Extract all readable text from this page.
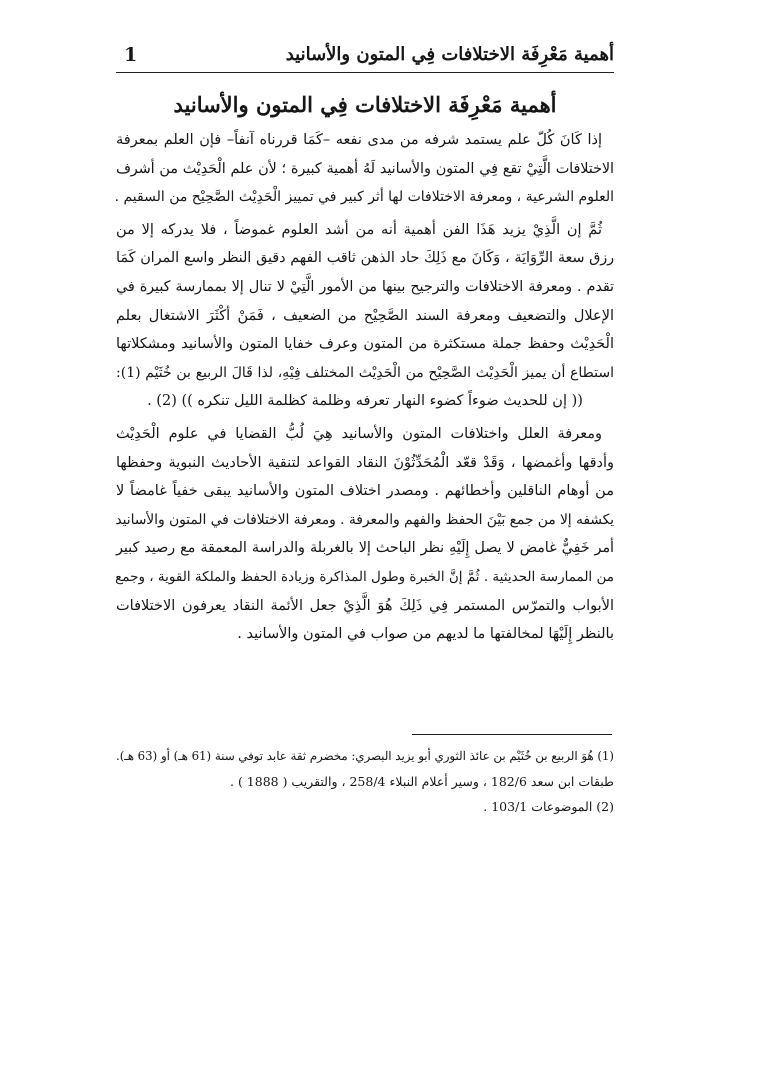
أهمية مَعْرِفَة الاختلافات فِي المتون والأسانيد
1
أهمية مَعْرِفَة الاختلافات فِي المتون والأسانيد
إذا كَانَ كُلّ علم يستمد شرفه من مدى نفعه –كَمَا قررناه آنفاً– فإن العلم بمعرفة
الاختلافات الَّتِيْ تقع فِي المتون والأسانيد لَهُ أهمية كبيرة ؛ لأن علم الْحَدِيْث من أشرف
العلوم الشرعية ، ومعرفة الاختلافات لها أثر كبير في تمييز الْحَدِيْث الصَّحِيْح من السقيم .
ثُمَّ إن الَّذِيْ يزيد هَذَا الفن أهمية أنه من أشد العلوم غموضاً ، فلا يدركه إلا من
رزق سعة الرِّوَايَة ، وَكَانَ مع ذَلِكَ حاد الذهن ثاقب الفهم دقيق النظر واسع المران كَمَا
تقدم . ومعرفة الاختلافات والترجيح بينها من الأمور الَّتِيْ لا تنال إلا بممارسة كبيرة في
الإعلال والتضعيف ومعرفة السند الصَّحِيْح من الضعيف ، فَمَنْ أكْثَرَ الاشتغال بعلم
الْحَدِيْث وحفظ جملة مستكثرة من المتون وعرف خفايا المتون والأسانيد ومشكلاتها
استطاع أن يميز الْحَدِيْث الصَّحِيْح من الْحَدِيْث المختلف فِيْهِ، لذا قَالَ الربيع بن خُثَيْم (1):
(( إن للحديث ضوءاً كضوء النهار تعرفه وظلمة كظلمة الليل تنكره )) (2) .
ومعرفة العلل واختلافات المتون والأسانيد هِيَ لُبُّ القضايا في علوم الْحَدِيْث
وأدقها وأغمضها ، وَقَدْ قعّد الْمُحَدِّثُوْنَ النقاد القواعد لتنقية الأحاديث النبوية وحفظها
من أوهام الناقلين وأخطائهم . ومصدر اختلاف المتون والأسانيد يبقى خفياً غامضاً لا
يكشفه إلا من جمع بَيْنَ الحفظ والفهم والمعرفة . ومعرفة الاختلافات في المتون والأسانيد
أمر خَفِيٌّ غامض لا يصل إِلَيْهِ نظر الباحث إلا بالغربلة والدراسة المعمقة مع رصيد كبير
من الممارسة الحديثية . ثُمَّ إنَّ الخبرة وطول المذاكرة وزيادة الحفظ والملكة القوية ، وجمع
الأبواب والتمرّس المستمر فِي ذَلِكَ هُوَ الَّذِيْ جعل الأئمة النقاد يعرفون الاختلافات
بالنظر إِلَيْهَا لمخالفتها ما لديهم من صواب في المتون والأسانيد .
(1) هُوَ الربيع بن خُثَيْم بن عائذ الثوري أبو يزيد البصري: مخضرم ثقة عابد توفي سنة (61 هـ) أو (63 هـ).
طبقات ابن سعد 182/6 ، وسير أعلام النبلاء 258/4 ، والتقريب ( 1888 ) .
(2) الموضوعات 103/1 .
